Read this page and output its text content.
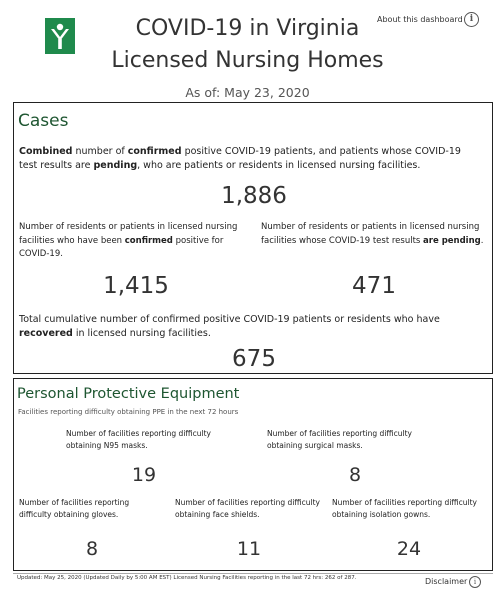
COVID-19 in Virginia
Licensed Nursing Homes
As of: May 23, 2020
About this dashboard i
Cases
Combined number of confirmed positive COVID-19 patients, and patients whose COVID-19 test results are pending, who are patients or residents in licensed nursing facilities.
1,886
Number of residents or patients in licensed nursing facilities who have been confirmed positive for COVID-19.
1,415
Number of residents or patients in licensed nursing facilities whose COVID-19 test results are pending.
471
Total cumulative number of confirmed positive COVID-19 patients or residents who have recovered in licensed nursing facilities.
675
Personal Protective Equipment
Facilities reporting difficulty obtaining PPE in the next 72 hours
Number of facilities reporting difficulty obtaining N95 masks.
19
Number of facilities reporting difficulty obtaining surgical masks.
8
Number of facilities reporting difficulty obtaining gloves.
8
Number of facilities reporting difficulty obtaining face shields.
11
Number of facilities reporting difficulty obtaining isolation gowns.
24
Updated: May 25, 2020 (Updated Daily by 5:00 AM EST) Licensed Nursing Facilities reporting in the last 72 hrs: 262 of 287.	Disclaimer i
